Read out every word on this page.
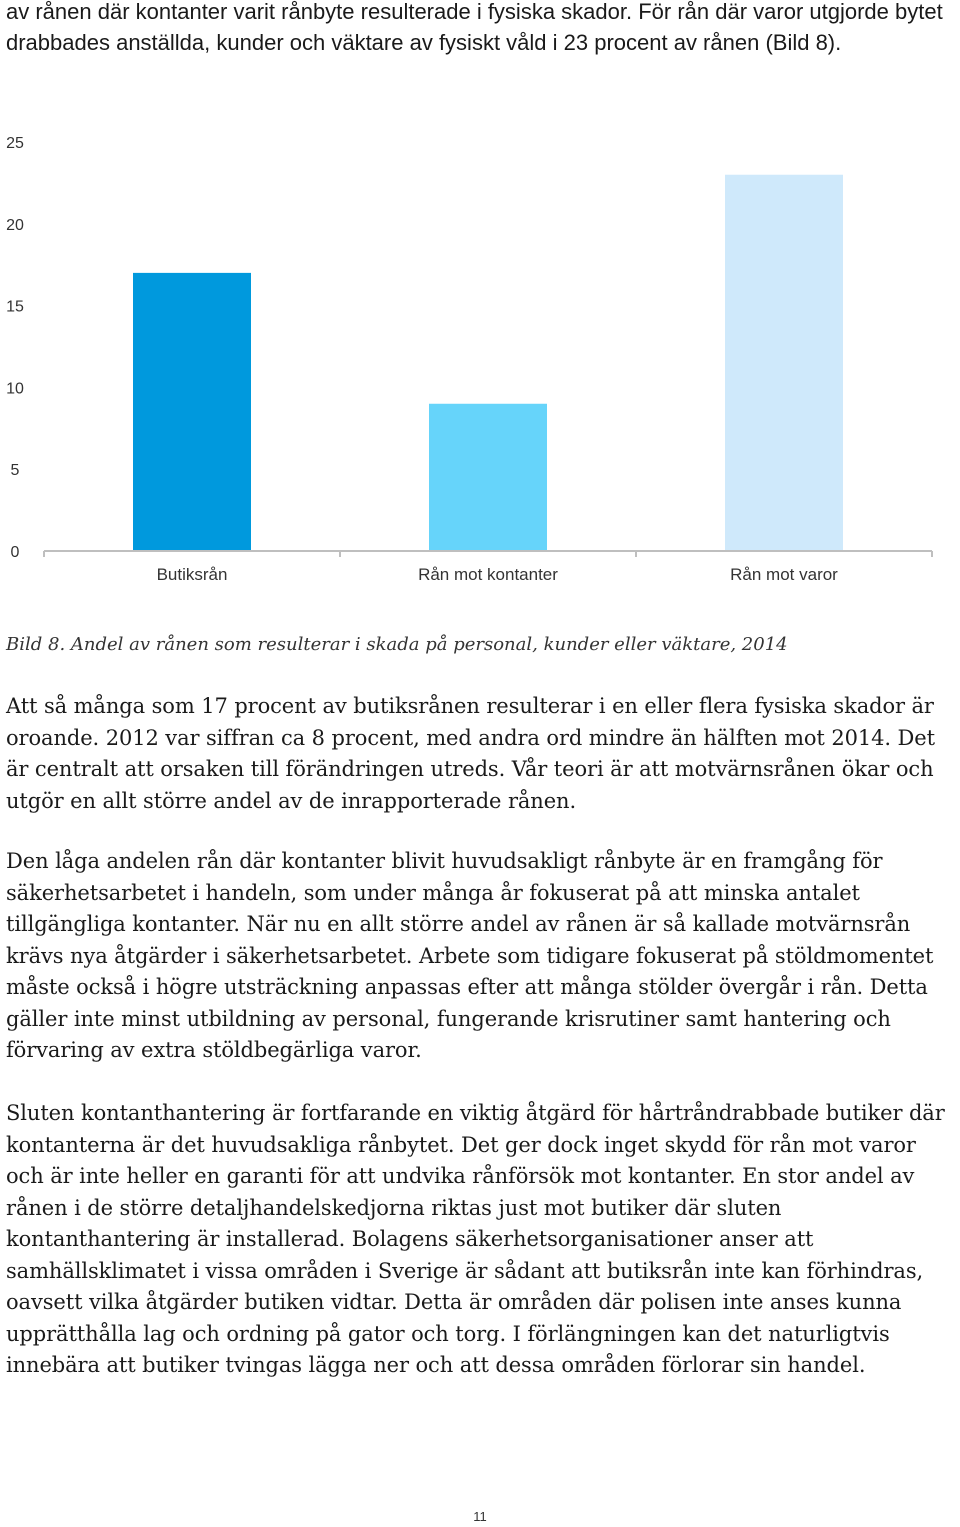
av rånen där kontanter varit rånbyte resulterade i fysiska skador. För rån där varor utgjorde bytet drabbades anställda, kunder och väktare av fysiskt våld i 23 procent av rånen (Bild 8).

0
5
10
15
20
25
Butiksrån	Rån mot kontanter	Rån mot varor

Bild 8. Andel av rånen som resulterar i skada på personal, kunder eller väktare, 2014

Att så många som 17 procent av butiksrånen resulterar i en eller flera fysiska skador är oroande. 2012 var siffran ca 8 procent, med andra ord mindre än hälften mot 2014. Det är centralt att orsaken till förändringen utreds. Vår teori är att motvärnsrånen ökar och utgör en allt större andel av de inrapporterade rånen.

Den låga andelen rån där kontanter blivit huvudsakligt rånbyte är en framgång för säkerhetsarbetet i handeln, som under många år fokuserat på att minska antalet tillgängliga kontanter. När nu en allt större andel av rånen är så kallade motvärnsrån krävs nya åtgärder i säkerhetsarbetet. Arbete som tidigare fokuserat på stöldmomentet måste också i högre utsträckning anpassas efter att många stölder övergår i rån. Detta gäller inte minst utbildning av personal, fungerande krisrutiner samt hantering och förvaring av extra stöldbegärliga varor.

Sluten kontanthantering är fortfarande en viktig åtgärd för hårtråndrabbade butiker där kontanterna är det huvudsakliga rånbytet. Det ger dock inget skydd för rån mot varor och är inte heller en garanti för att undvika rånförsök mot kontanter. En stor andel av rånen i de större detaljhandelskedjorna riktas just mot butiker där sluten kontanthantering är installerad. Bolagens säkerhetsorganisationer anser att samhällsklimatet i vissa områden i Sverige är sådant att butiksrån inte kan förhindras, oavsett vilka åtgärder butiken vidtar. Detta är områden där polisen inte anses kunna upprätthålla lag och ordning på gator och torg. I förlängningen kan det naturligtvis innebära att butiker tvingas lägga ner och att dessa områden förlorar sin handel.

11
